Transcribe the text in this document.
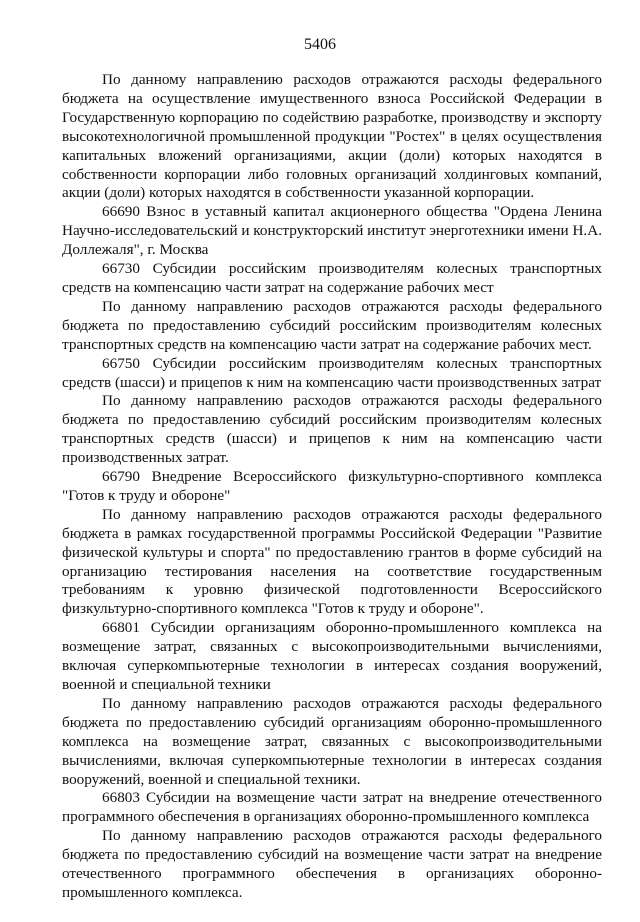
5406

По данному направлению расходов отражаются расходы федерального бюджета на осуществление имущественного взноса Российской Федерации в Государственную корпорацию по содействию разработке, производству и экспорту высокотехнологичной промышленной продукции "Ростех" в целях осуществления капитальных вложений организациями, акции (доли) которых находятся в собственности корпорации либо головных организаций холдинговых компаний, акции (доли) которых находятся в собственности указанной корпорации.

66690 Взнос в уставный капитал акционерного общества "Ордена Ленина Научно-исследовательский и конструкторский институт энерготехники имени Н.А. Доллежаля", г. Москва

66730 Субсидии российским производителям колесных транспортных средств на компенсацию части затрат на содержание рабочих мест

По данному направлению расходов отражаются расходы федерального бюджета по предоставлению субсидий российским производителям колесных транспортных средств на компенсацию части затрат на содержание рабочих мест.

66750 Субсидии российским производителям колесных транспортных средств (шасси) и прицепов к ним на компенсацию части производственных затрат

По данному направлению расходов отражаются расходы федерального бюджета по предоставлению субсидий российским производителям колесных транспортных средств (шасси) и прицепов к ним на компенсацию части производственных затрат.

66790 Внедрение Всероссийского физкультурно-спортивного комплекса "Готов к труду и обороне"

По данному направлению расходов отражаются расходы федерального бюджета в рамках государственной программы Российской Федерации "Развитие физической культуры и спорта" по предоставлению грантов в форме субсидий на организацию тестирования населения на соответствие государственным требованиям к уровню физической подготовленности Всероссийского физкультурно-спортивного комплекса "Готов к труду и обороне".

66801 Субсидии организациям оборонно-промышленного комплекса на возмещение затрат, связанных с высокопроизводительными вычислениями, включая суперкомпьютерные технологии в интересах создания вооружений, военной и специальной техники

По данному направлению расходов отражаются расходы федерального бюджета по предоставлению субсидий организациям оборонно-промышленного комплекса на возмещение затрат, связанных с высокопроизводительными вычислениями, включая суперкомпьютерные технологии в интересах создания вооружений, военной и специальной техники.

66803 Субсидии на возмещение части затрат на внедрение отечественного программного обеспечения в организациях оборонно-промышленного комплекса

По данному направлению расходов отражаются расходы федерального бюджета по предоставлению субсидий на возмещение части затрат на внедрение отечественного программного обеспечения в организациях оборонно-промышленного комплекса.
